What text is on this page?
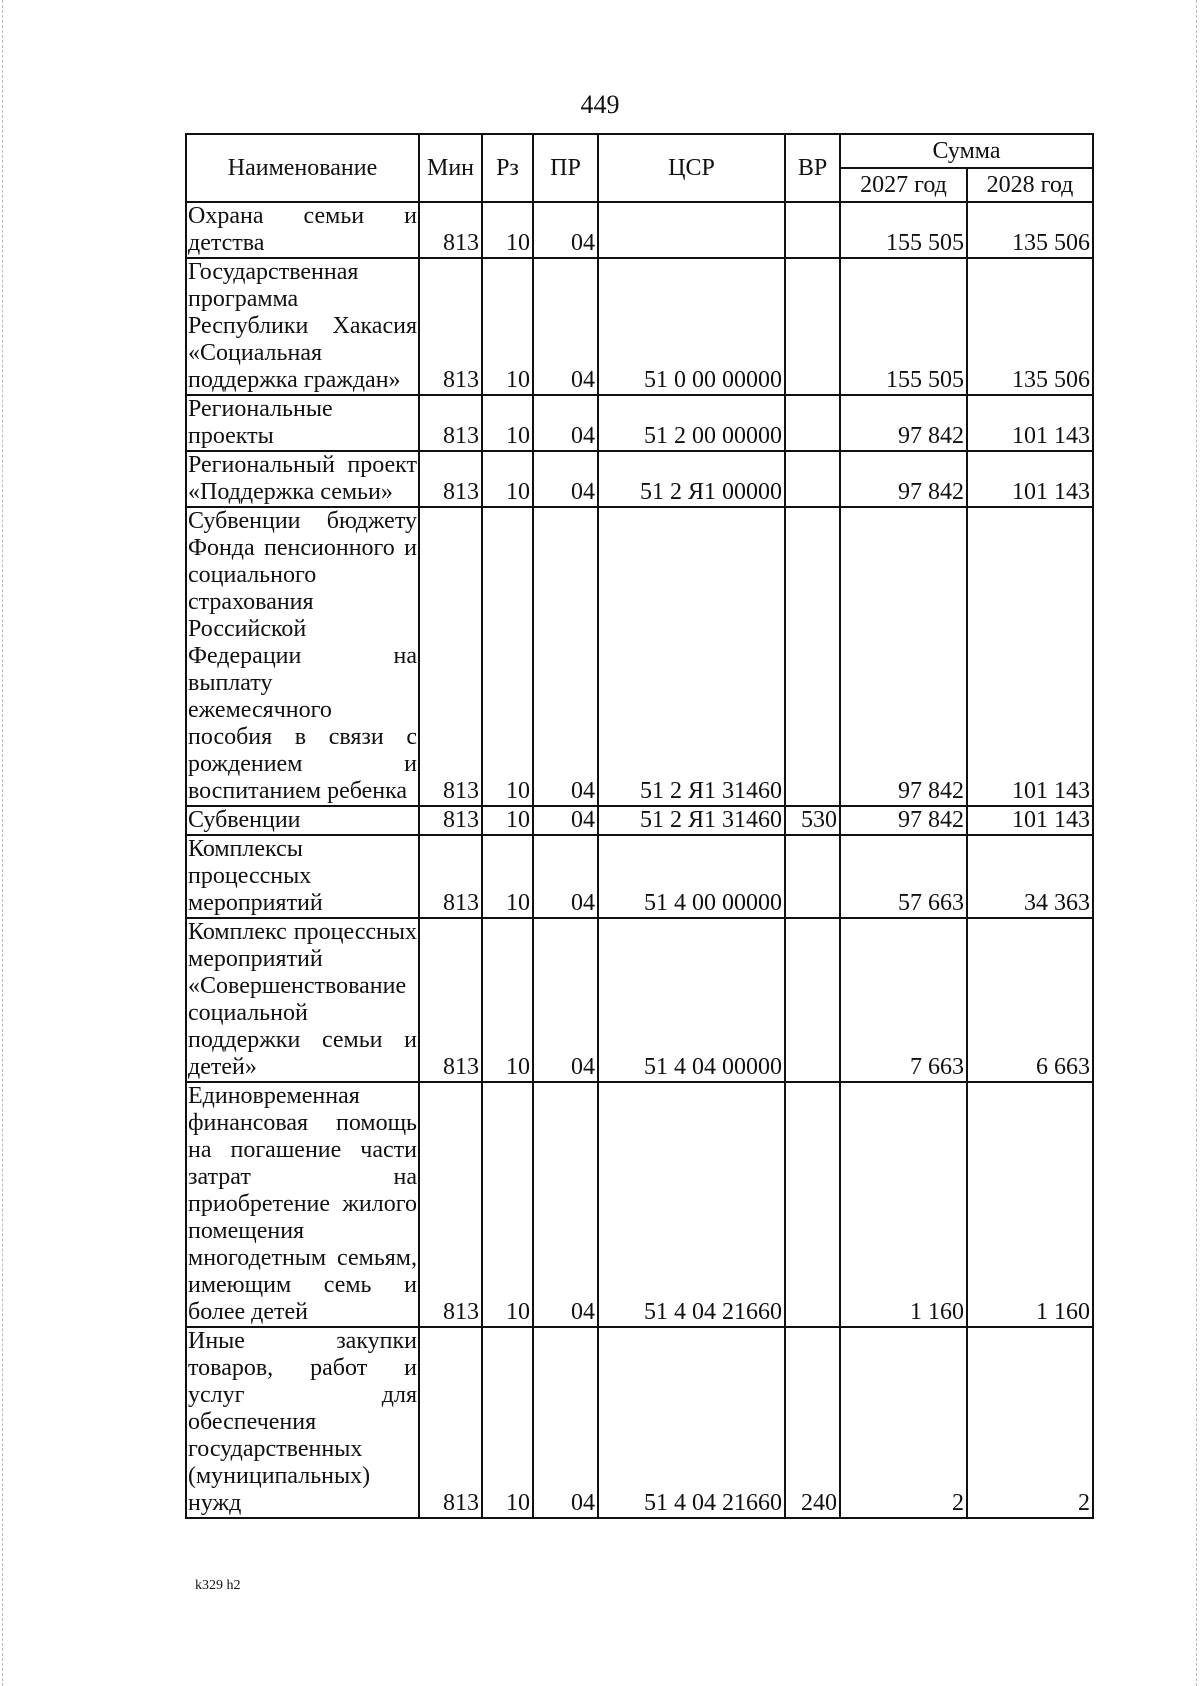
449
Наименование	Мин	Рз	ПР	ЦСР	ВР	Сумма	
						2027 год	2028 год
Охрана семьи и детства	813	10	04			155 505	135 506
Государственная программа Республики Хакасия «Социальная поддержка граждан»	813	10	04	51 0 00 00000		155 505	135 506
Региональные проекты	813	10	04	51 2 00 00000		97 842	101 143
Региональный проект «Поддержка семьи»	813	10	04	51 2 Я1 00000		97 842	101 143
Субвенции бюджету Фонда пенсионного и социального страхования Российской Федерации на выплату ежемесячного пособия в связи с рождением и воспитанием ребенка	813	10	04	51 2 Я1 31460		97 842	101 143
Субвенции	813	10	04	51 2 Я1 31460	530	97 842	101 143
Комплексы процессных мероприятий	813	10	04	51 4 00 00000		57 663	34 363
Комплекс процессных мероприятий «Совершенствование социальной поддержки семьи и детей»	813	10	04	51 4 04 00000		7 663	6 663
Единовременная финансовая помощь на погашение части затрат на приобретение жилого помещения многодетным семьям, имеющим семь и более детей	813	10	04	51 4 04 21660		1 160	1 160
Иные закупки товаров, работ и услуг для обеспечения государственных (муниципальных) нужд	813	10	04	51 4 04 21660	240	2	2
k329 h2
